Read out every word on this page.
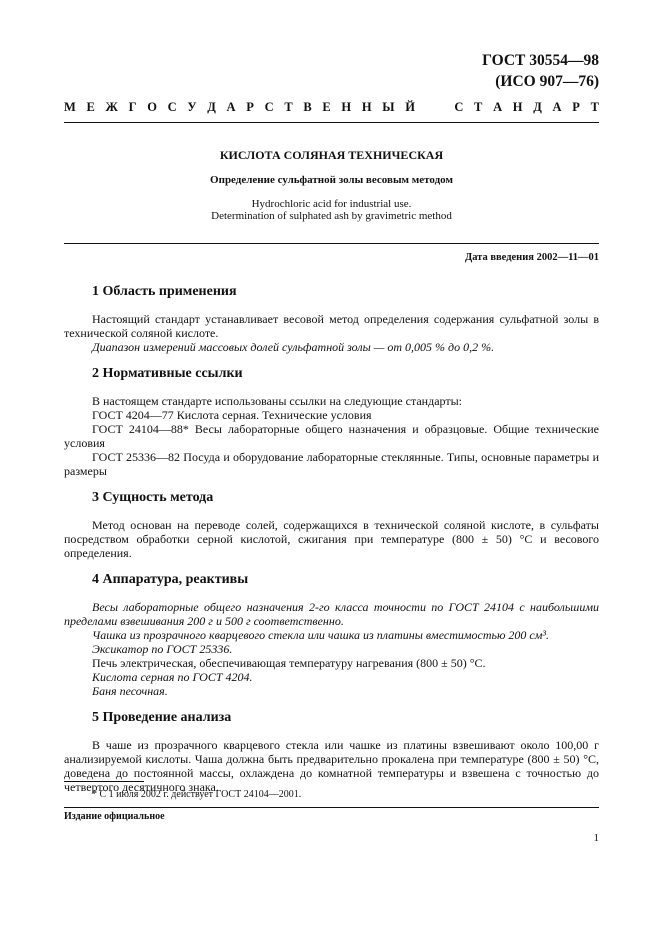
ГОСТ 30554—98
(ИСО 907—76)
М Е Ж Г О С У Д А Р С Т В Е Н Н Ы Й	С Т А Н Д А Р Т
КИСЛОТА СОЛЯНАЯ ТЕХНИЧЕСКАЯ
Определение сульфатной золы весовым методом
Hydrochloric acid for industrial use.
Determination of sulphated ash by gravimetric method
Дата введения 2002—11—01
1 Область применения

Настоящий стандарт устанавливает весовой метод определения содержания сульфатной золы в технической соляной кислоте.

Диапазон измерений массовых долей сульфатной золы — от 0,005 % до 0,2 %.

2 Нормативные ссылки

В настоящем стандарте использованы ссылки на следующие стандарты:

ГОСТ 4204—77 Кислота серная. Технические условия

ГОСТ 24104—88* Весы лабораторные общего назначения и образцовые. Общие технические условия

ГОСТ 25336—82 Посуда и оборудование лабораторные стеклянные. Типы, основные параметры и размеры

3 Сущность метода

Метод основан на переводе солей, содержащихся в технической соляной кислоте, в сульфаты посредством обработки серной кислотой, сжигания при температуре (800 ± 50) °С и весового определения.

4 Аппаратура, реактивы

Весы лабораторные общего назначения 2-го класса точности по ГОСТ 24104 с наибольшими пределами взвешивания 200 г и 500 г соответственно.

Чашка из прозрачного кварцевого стекла или чашка из платины вместимостью 200 см³.

Эксикатор по ГОСТ 25336.

Печь электрическая, обеспечивающая температуру нагревания (800 ± 50) °С.

Кислота серная по ГОСТ 4204.

Баня песочная.

5 Проведение анализа

В чаше из прозрачного кварцевого стекла или чашке из платины взвешивают около 100,00 г анализируемой кислоты. Чаша должна быть предварительно прокалена при температуре (800 ± 50) °С, доведена до постоянной массы, охлаждена до комнатной температуры и взвешена с точностью до четвертого десятичного знака.

* С 1 июля 2002 г. действует ГОСТ 24104—2001.
Издание официальное
1
